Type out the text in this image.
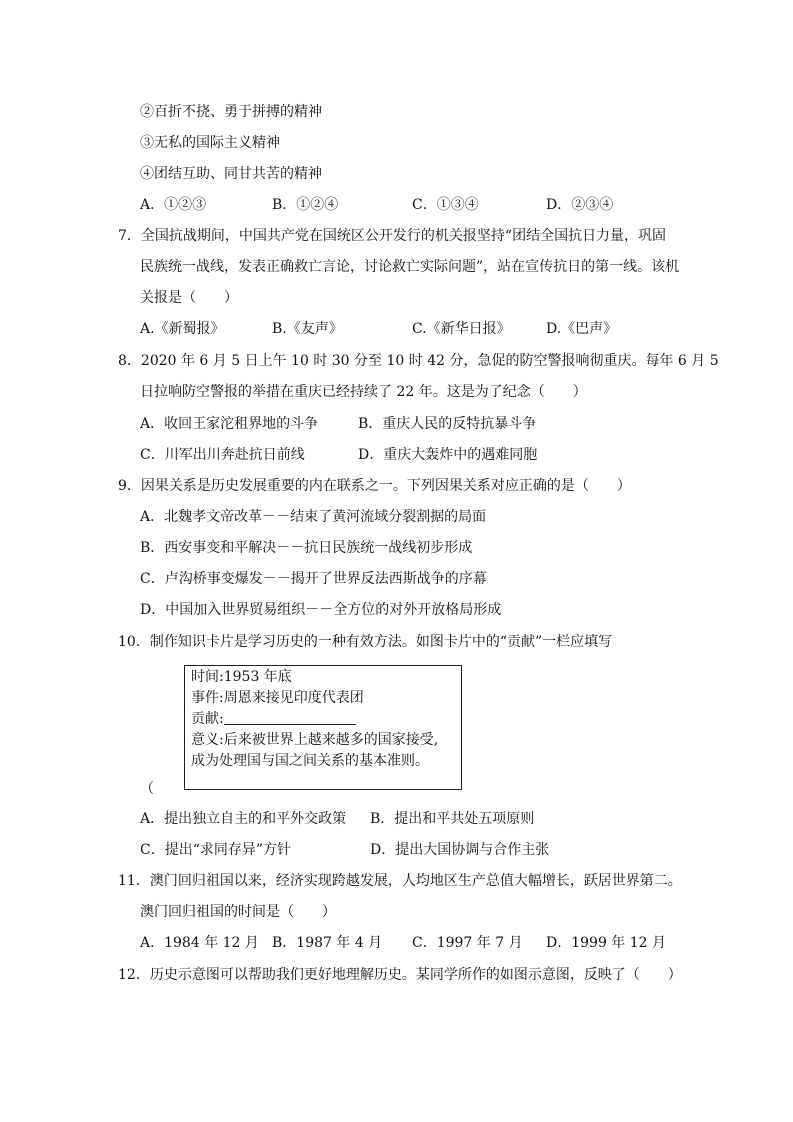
②百折不挠、勇于拼搏的精神
③无私的国际主义精神
④团结互助、同甘共苦的精神
A．①②③	B．①②④	C．①③④	D．②③④
7．全国抗战期间，中国共产党在国统区公开发行的机关报坚持“团结全国抗日力量，巩固
民族统一战线，发表正确救亡言论，讨论救亡实际问题”，站在宣传抗日的第一线。该机
关报是（　　）
A.《新蜀报》	B.《友声》	C.《新华日报》	D.《巴声》
8．2020 年 6 月 5 日上午 10 时 30 分至 10 时 42 分，急促的防空警报响彻重庆。每年 6 月 5
日拉响防空警报的举措在重庆已经持续了 22 年。这是为了纪念（　　）
A．收回王家沱租界地的斗争	B．重庆人民的反特抗暴斗争
C．川军出川奔赴抗日前线	D．重庆大轰炸中的遇难同胞
9．因果关系是历史发展重要的内在联系之一。下列因果关系对应正确的是（　　）
A．北魏孝文帝改革－－结束了黄河流域分裂割据的局面
B．西安事变和平解决－－抗日民族统一战线初步形成
C．卢沟桥事变爆发－－揭开了世界反法西斯战争的序幕
D．中国加入世界贸易组织－－全方位的对外开放格局形成
10．制作知识卡片是学习历史的一种有效方法。如图卡片中的“贡献”一栏应填写
时间:1953 年底
事件:周恩来接见印度代表团
贡献:
意义:后来被世界上越来越多的国家接受,
成为处理国与国之间关系的基本准则。
（
A．提出独立自主的和平外交政策 B．提出和平共处五项原则
C．提出“求同存异”方针	D．提出大国协调与合作主张
11．澳门回归祖国以来，经济实现跨越发展，人均地区生产总值大幅增长，跃居世界第二。
澳门回归祖国的时间是（　　）
A．1984 年 12 月 B．1987 年 4 月 C．1997 年 7 月 D．1999 年 12 月
12．历史示意图可以帮助我们更好地理解历史。某同学所作的如图示意图，反映了（　　）
